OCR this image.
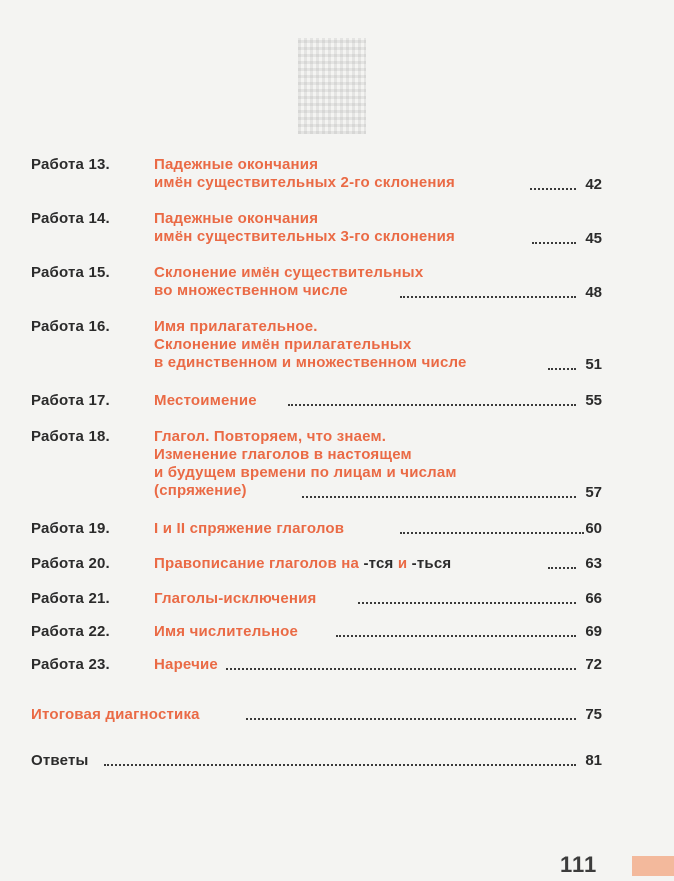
Работа 13.	Падежные окончания
имён существительных 2-го склонения	42
Работа 14.	Падежные окончания
имён существительных 3-го склонения	45
Работа 15.	Склонение имён существительных
во множественном числе	48
Работа 16.	Имя прилагательное.
Склонение имён прилагательных
в единственном и множественном числе	51
Работа 17.	Местоимение	55
Работа 18.	Глагол. Повторяем, что знаем.
Изменение глаголов в настоящем
и будущем времени по лицам и числам
(спряжение)	57
Работа 19.	I и II спряжение глаголов	60
Работа 20.	Правописание глаголов на -тся и -ться	63
Работа 21.	Глаголы-исключения	66
Работа 22.	Имя числительное	69
Работа 23.	Наречие	72
Итоговая диагностика	75
Ответы	81
111
